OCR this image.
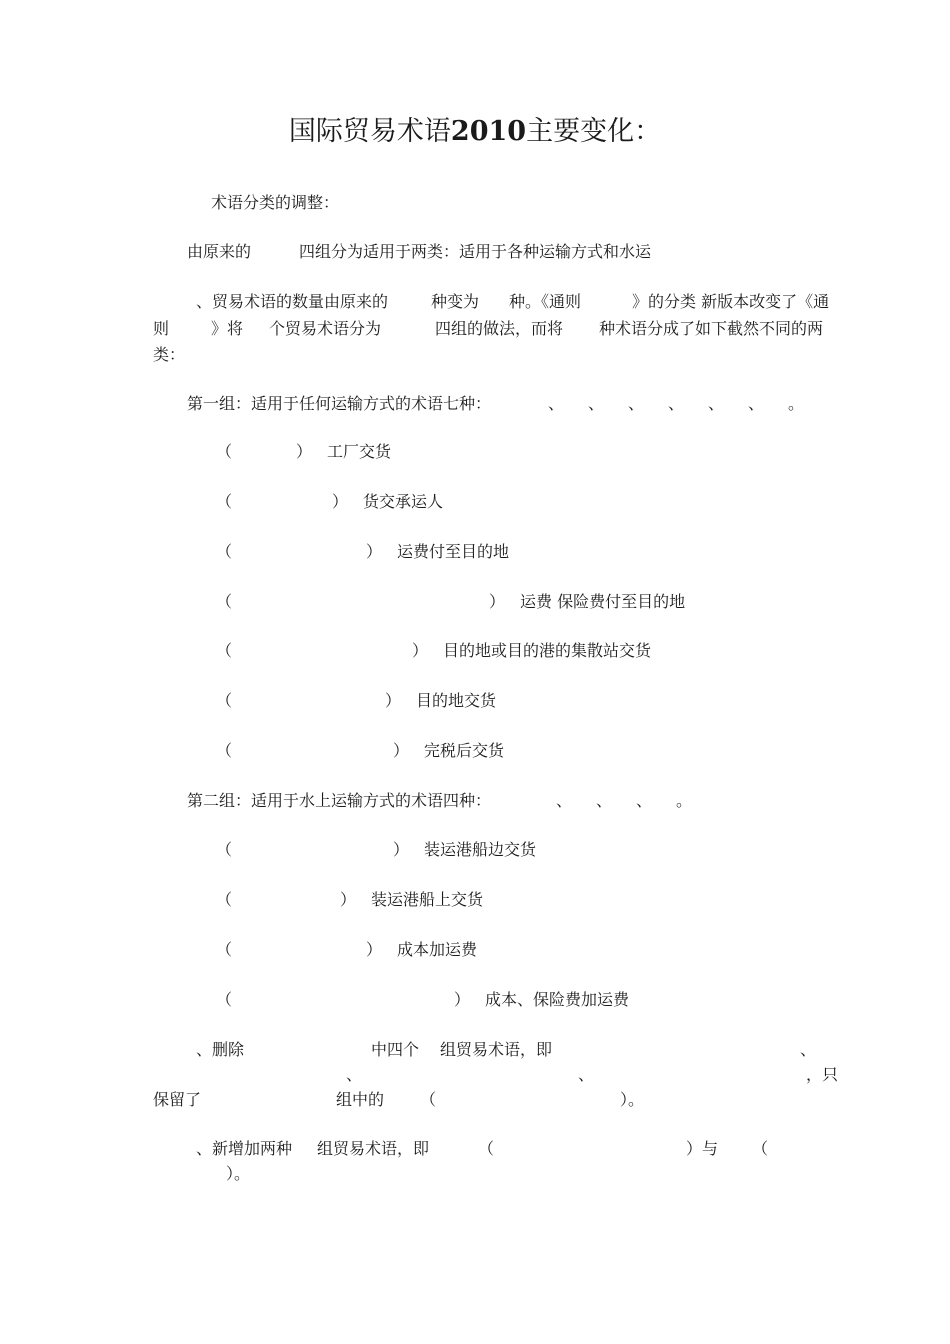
国际贸易术语2010主要变化：
术语分类的调整：
由原来的　　　四组分为适用于两类：适用于各种运输方式和水运
、贸易术语的数量由原来的	种变为 种。《通则	》的分类 新版本改变了《通
则	》将 个贸易术语分为	四组的做法，而将 种术语分成了如下截然不同的两
类：
第一组：适用于任何运输方式的术语七种：	、　　、　　、　　、　　、　　、　　。
（	） 工厂交货
（	） 货交承运人
（	） 运费付至目的地
（	） 运费 保险费付至目的地
（	） 目的地或目的港的集散站交货
（	） 目的地交货
（	） 完税后交货
第二组：适用于水上运输方式的术语四种：	、　　、　　、　　。
（	） 装运港船边交货
（	） 装运港船上交货
（	） 成本加运费
（	） 成本、保险费加运费
、删除	中四个 组贸易术语，即	、
、	、	，只
保留了	组中的 （	）。
、新增加两种 组贸易术语，即	（	）与 （
）。
